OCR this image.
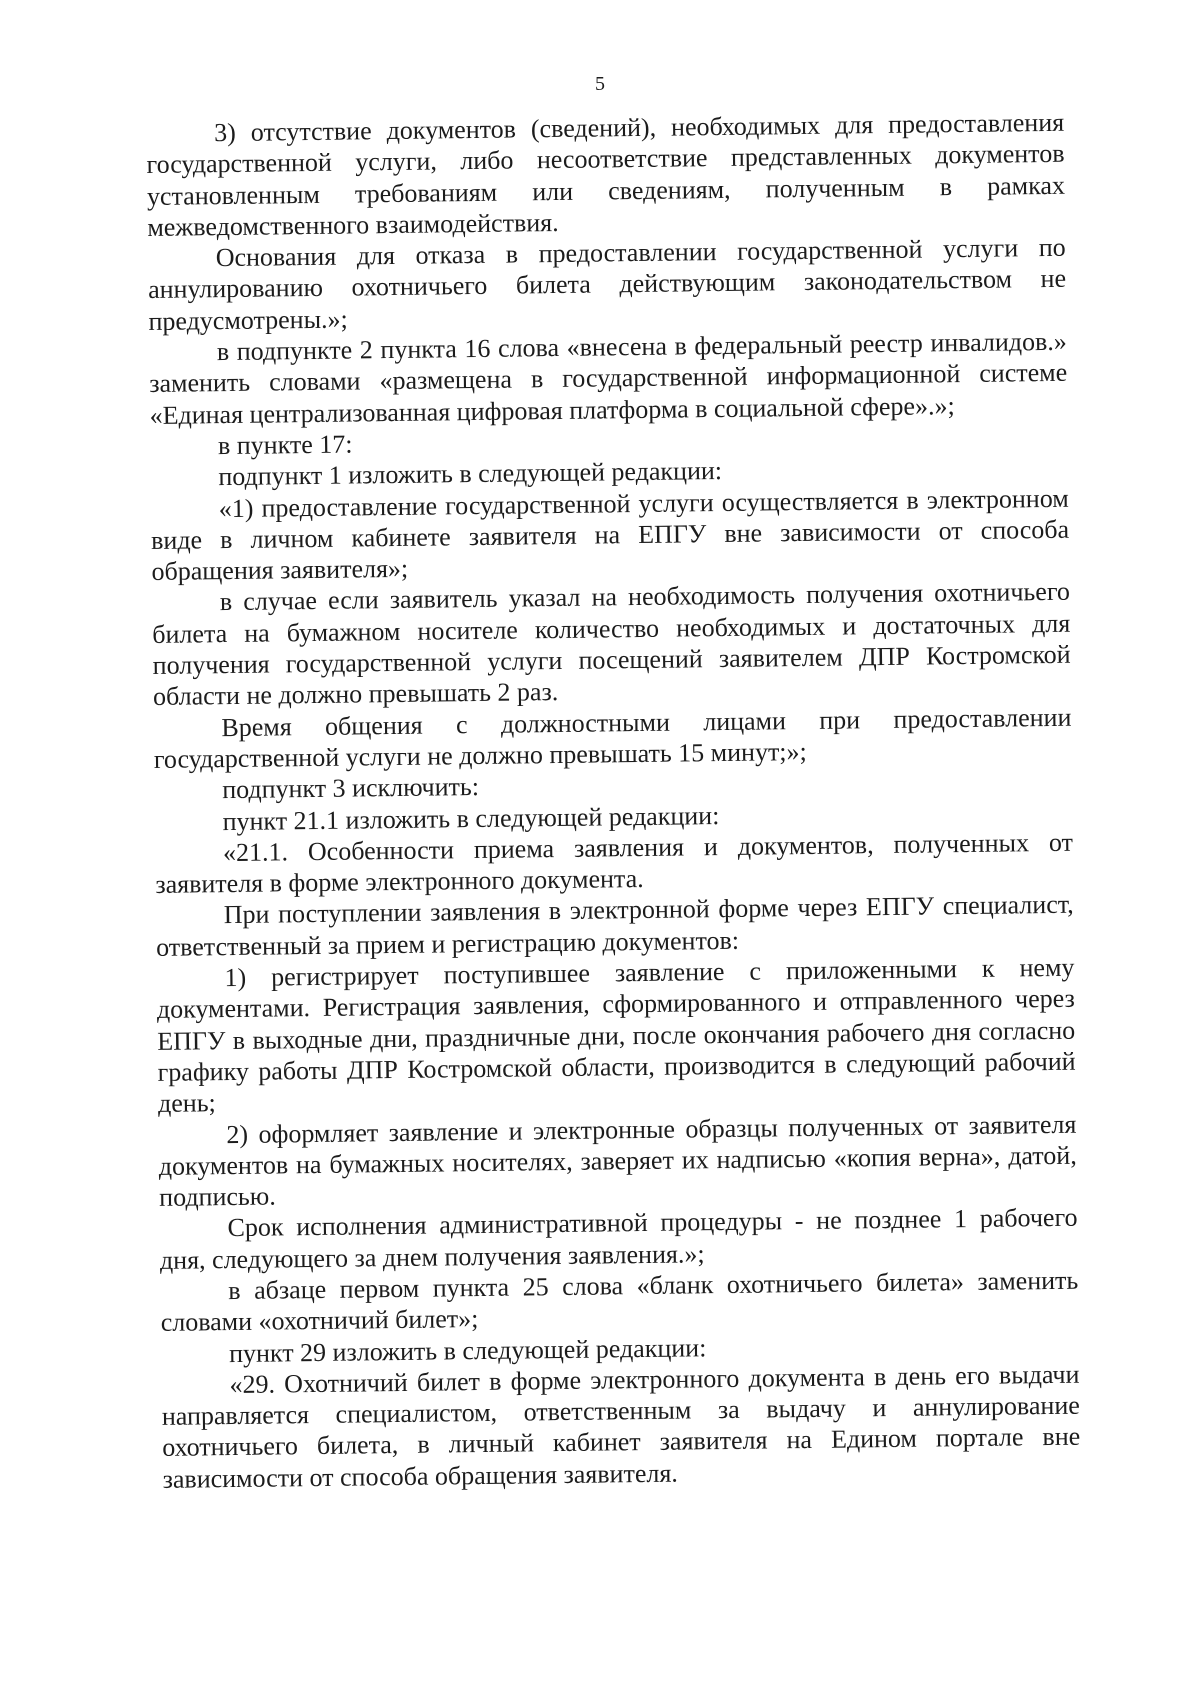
5

3) отсутствие документов (сведений), необходимых для предоставления государственной услуги, либо несоответствие представленных документов установленным требованиям или сведениям, полученным в рамках межведомственного взаимодействия.

Основания для отказа в предоставлении государственной услуги по аннулированию охотничьего билета действующим законодательством не предусмотрены.»;

в подпункте 2 пункта 16 слова «внесена в федеральный реестр инвалидов.» заменить словами «размещена в государственной информационной системе «Единая централизованная цифровая платформа в социальной сфере».»;

в пункте 17:

подпункт 1 изложить в следующей редакции:

«1) предоставление государственной услуги осуществляется в электронном виде в личном кабинете заявителя на ЕПГУ вне зависимости от способа обращения заявителя»;

в случае если заявитель указал на необходимость получения охотничьего билета на бумажном носителе количество необходимых и достаточных для получения государственной услуги посещений заявителем ДПР Костромской области не должно превышать 2 раз.

Время общения с должностными лицами при предоставлении государственной услуги не должно превышать 15 минут;»;

подпункт 3 исключить:

пункт 21.1 изложить в следующей редакции:

«21.1. Особенности приема заявления и документов, полученных от заявителя в форме электронного документа.

При поступлении заявления в электронной форме через ЕПГУ специалист, ответственный за прием и регистрацию документов:

1) регистрирует поступившее заявление с приложенными к нему документами. Регистрация заявления, сформированного и отправленного через ЕПГУ в выходные дни, праздничные дни, после окончания рабочего дня согласно графику работы ДПР Костромской области, производится в следующий рабочий день;

2) оформляет заявление и электронные образцы полученных от заявителя документов на бумажных носителях, заверяет их надписью «копия верна», датой, подписью.

Срок исполнения административной процедуры - не позднее 1 рабочего дня, следующего за днем получения заявления.»;

в абзаце первом пункта 25 слова «бланк охотничьего билета» заменить словами «охотничий билет»;

пункт 29 изложить в следующей редакции:

«29. Охотничий билет в форме электронного документа в день его выдачи направляется специалистом, ответственным за выдачу и аннулирование охотничьего билета, в личный кабинет заявителя на Едином портале вне зависимости от способа обращения заявителя.
